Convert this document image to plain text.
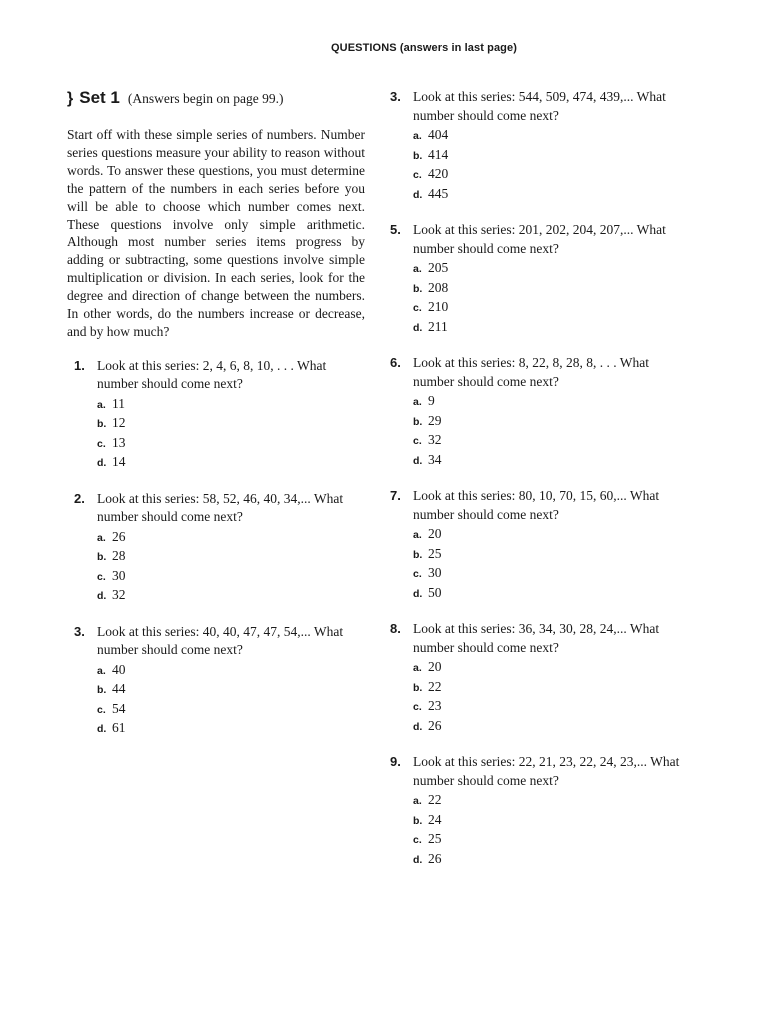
QUESTIONS (answers in last page)
} Set 1 (Answers begin on page 99.)

Start off with these simple series of numbers. Number series questions measure your ability to reason without words. To answer these questions, you must determine the pattern of the numbers in each series before you will be able to choose which number comes next. These questions involve only simple arithmetic. Although most number series items progress by adding or subtracting, some questions involve simple multiplication or division. In each series, look for the degree and direction of change between the numbers. In other words, do the numbers increase or decrease, and by how much?

1. Look at this series: 2, 4, 6, 8, 10, . . . What number should come next?
a. 11
b. 12
c. 13
d. 14
2. Look at this series: 58, 52, 46, 40, 34,... What number should come next?
a. 26
b. 28
c. 30
d. 32
3. Look at this series: 40, 40, 47, 47, 54,... What number should come next?
a. 40
b. 44
c. 54
d. 61
3. Look at this series: 544, 509, 474, 439,... What number should come next?
a. 404
b. 414
c. 420
d. 445
5. Look at this series: 201, 202, 204, 207,... What number should come next?
a. 205
b. 208
c. 210
d. 211
6. Look at this series: 8, 22, 8, 28, 8, . . . What number should come next?
a. 9
b. 29
c. 32
d. 34
7. Look at this series: 80, 10, 70, 15, 60,... What number should come next?
a. 20
b. 25
c. 30
d. 50
8. Look at this series: 36, 34, 30, 28, 24,... What number should come next?
a. 20
b. 22
c. 23
d. 26
9. Look at this series: 22, 21, 23, 22, 24, 23,... What number should come next?
a. 22
b. 24
c. 25
d. 26
